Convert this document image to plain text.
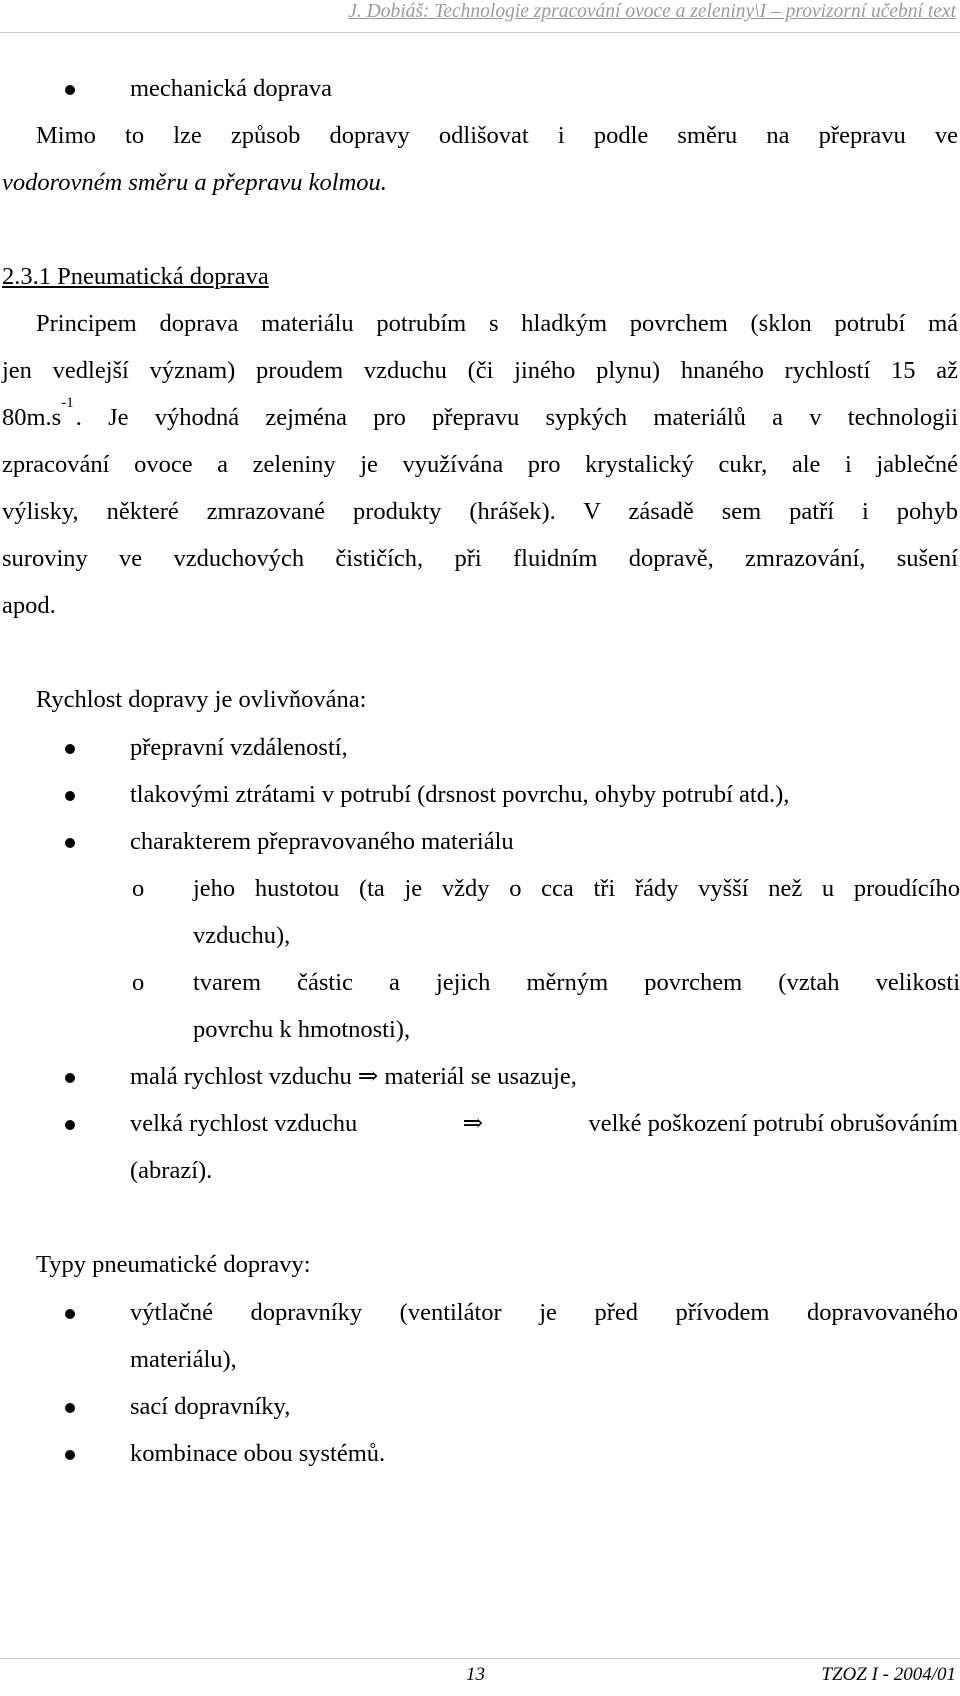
J. Dobiáš: Technologie zpracování ovoce a zeleniny\I – provizorní učební text
mechanická doprava
Mimo to lze způsob dopravy odlišovat i podle směru na přepravu ve
vodorovném směru a přepravu kolmou.
2.3.1 Pneumatická doprava
Principem doprava materiálu potrubím s hladkým povrchem (sklon potrubí má
jen vedlejší význam) proudem vzduchu (či jiného plynu) hnaného rychlostí 15 až
80m.s
-1
. Je výhodná zejména pro přepravu sypkých materiálů a v technologii
zpracování ovoce a zeleniny je využívána pro krystalický cukr, ale i jablečné
výlisky, některé zmrazované produkty (hrášek). V zásadě sem patří i pohyb
suroviny ve vzduchových čističích, při fluidním dopravě, zmrazování, sušení
apod.
Rychlost dopravy je ovlivňována:
přepravní vzdáleností,
tlakovými ztrátami v potrubí (drsnost povrchu, ohyby potrubí atd.),
charakterem přepravovaného materiálu
o jeho hustotou (ta je vždy o cca tři řády vyšší než u proudícího
vzduchu),
o tvarem částic a jejich měrným povrchem (vztah velikosti
povrchu k hmotnosti),
malá rychlost vzduchu ⇒ materiál se usazuje,
velká rychlost vzduchu	⇒	velké poškození potrubí obrušováním
(abrazí).
Typy pneumatické dopravy:
výtlačné dopravníky (ventilátor je před přívodem dopravovaného
materiálu),
sací dopravníky,
kombinace obou systémů.
13	TZOZ I - 2004/01
